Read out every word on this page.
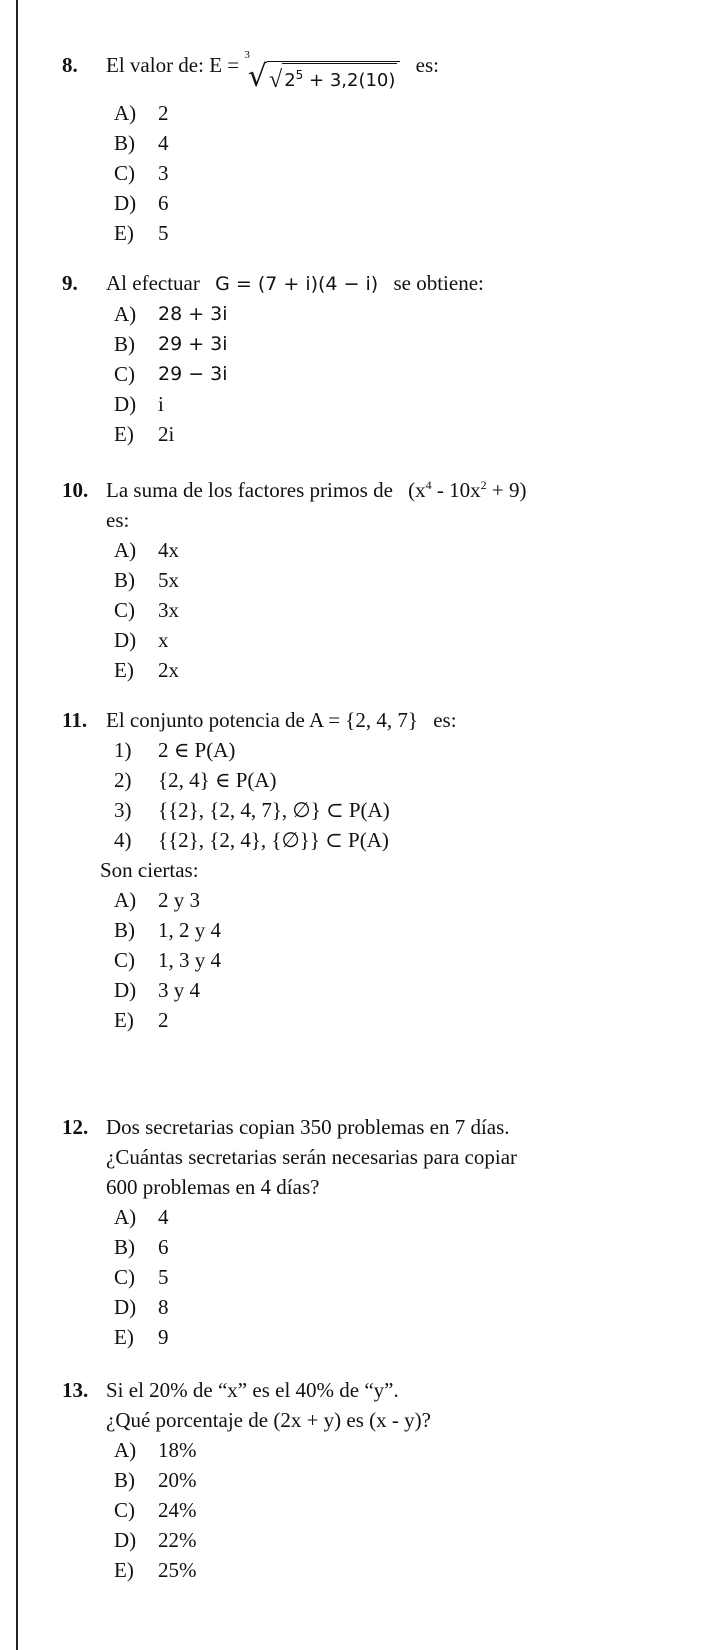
8.	El valor de: E = 3
√ √ $2^5 + 3,2(10)$
es:
A)	2
B)	4
C)	3
D)	6
E)	5
9.	Al efectuar G = (7 + i)(4 − i) se obtiene:
A)	28 + 3i
B)	29 + 3i
C)	29 − 3i
D)	i
E)	2i
10. La suma de los factores primos de $(x^4 - 10x^2 + 9)$
es:
A)	4x
B)	5x
C)	3x
D)	x
E)	2x
11. El conjunto potencia de A = {2, 4, 7} es:
1)	2 ∈ P(A)
2)	{2, 4} ∈ P(A)
3)	{{2}, {2, 4, 7}, ∅} ⊂ P(A)
4)	{{2}, {2, 4}, {∅}} ⊂ P(A)
Son ciertas:
A)	2 y 3
B)	1, 2 y 4
C)	1, 3 y 4
D)	3 y 4
E)	2
12. Dos secretarias copian 350 problemas en 7 días.
¿Cuántas secretarias serán necesarias para copiar
600 problemas en 4 días?
A)	4
B)	6
C)	5
D)	8
E)	9
13. Si el 20% de “x” es el 40% de “y”.
¿Qué porcentaje de (2x + y) es (x - y)?
A)	18%
B)	20%
C)	24%
D)	22%
E)	25%
